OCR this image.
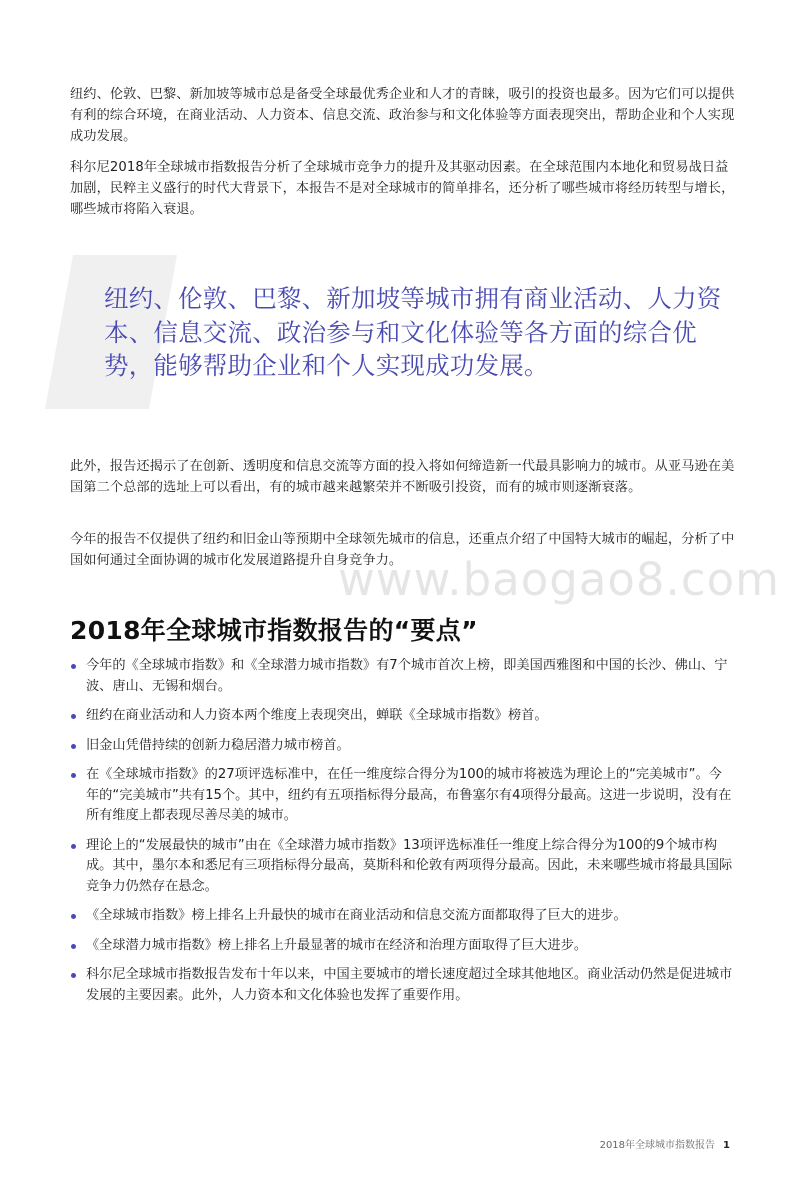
纽约、伦敦、巴黎、新加坡等城市总是备受全球最优秀企业和人才的青睐，吸引的投资也最多。因为它们可以提供有利的综合环境，在商业活动、人力资本、信息交流、政治参与和文化体验等方面表现突出，帮助企业和个人实现成功发展。

科尔尼2018年全球城市指数报告分析了全球城市竞争力的提升及其驱动因素。在全球范围内本地化和贸易战日益加剧，民粹主义盛行的时代大背景下，本报告不是对全球城市的简单排名，还分析了哪些城市将经历转型与增长，哪些城市将陷入衰退。

纽约、伦敦、巴黎、新加坡等城市拥有商业活动、人力资本、信息交流、政治参与和文化体验等各方面的综合优势，能够帮助企业和个人实现成功发展。

此外，报告还揭示了在创新、透明度和信息交流等方面的投入将如何缔造新一代最具影响力的城市。从亚马逊在美国第二个总部的选址上可以看出，有的城市越来越繁荣并不断吸引投资，而有的城市则逐渐衰落。

今年的报告不仅提供了纽约和旧金山等预期中全球领先城市的信息，还重点介绍了中国特大城市的崛起，分析了中国如何通过全面协调的城市化发展道路提升自身竞争力。

www.baogao8.com
2018年全球城市指数报告的“要点”
今年的《全球城市指数》和《全球潜力城市指数》有7个城市首次上榜，即美国西雅图和中国的长沙、佛山、宁波、唐山、无锡和烟台。
纽约在商业活动和人力资本两个维度上表现突出，蝉联《全球城市指数》榜首。
旧金山凭借持续的创新力稳居潜力城市榜首。
在《全球城市指数》的27项评选标准中，在任一维度综合得分为100的城市将被选为理论上的“完美城市”。今年的“完美城市”共有15个。其中，纽约有五项指标得分最高，布鲁塞尔有4项得分最高。这进一步说明，没有在所有维度上都表现尽善尽美的城市。
理论上的“发展最快的城市”由在《全球潜力城市指数》13项评选标准任一维度上综合得分为100的9个城市构成。其中，墨尔本和悉尼有三项指标得分最高，莫斯科和伦敦有两项得分最高。因此，未来哪些城市将最具国际竞争力仍然存在悬念。
《全球城市指数》榜上排名上升最快的城市在商业活动和信息交流方面都取得了巨大的进步。
《全球潜力城市指数》榜上排名上升最显著的城市在经济和治理方面取得了巨大进步。
科尔尼全球城市指数报告发布十年以来，中国主要城市的增长速度超过全球其他地区。商业活动仍然是促进城市发展的主要因素。此外，人力资本和文化体验也发挥了重要作用。
2018年全球城市指数报告 1
